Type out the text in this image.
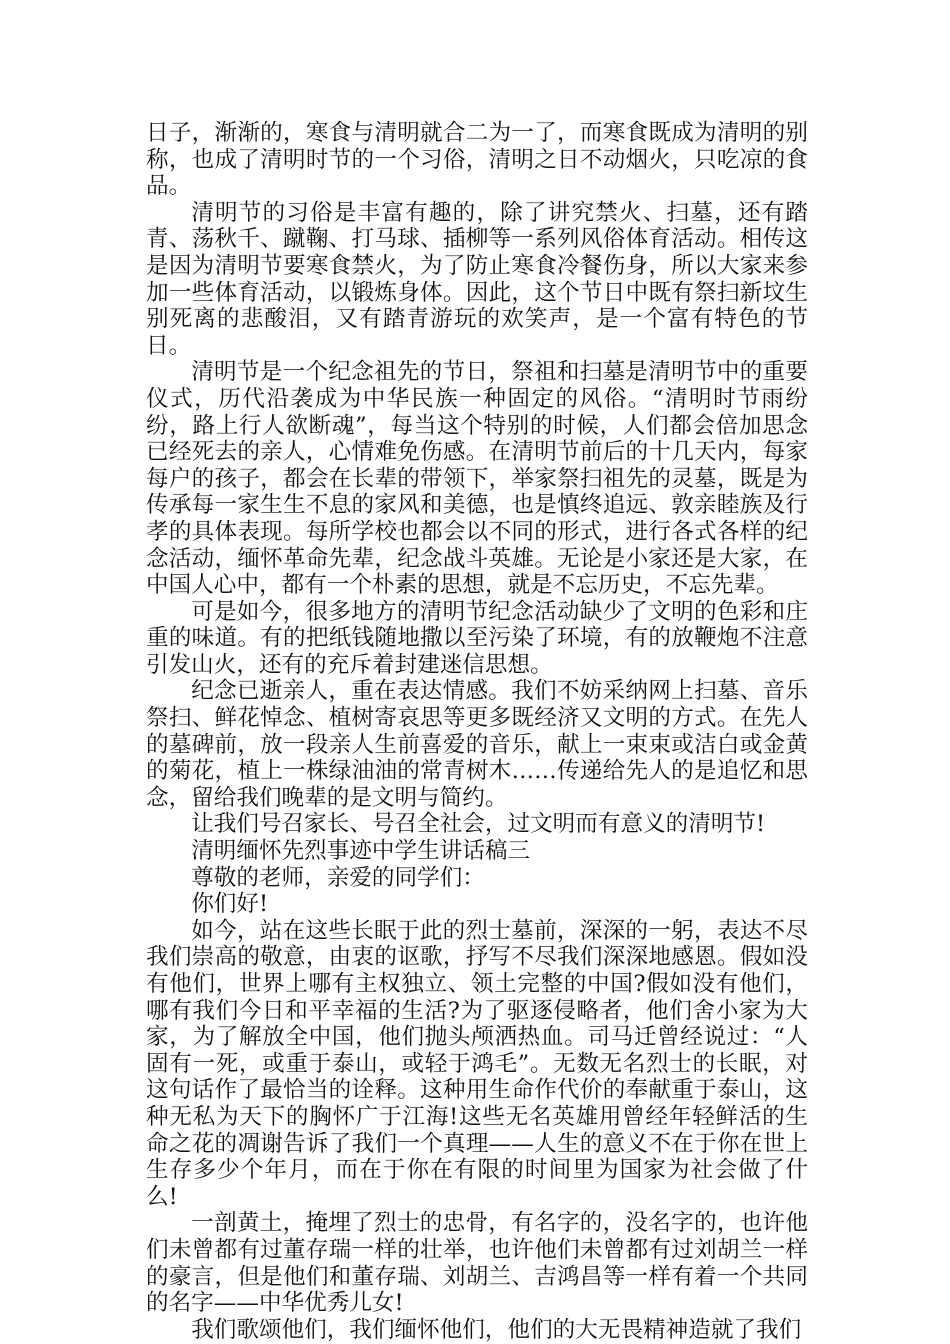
日子，渐渐的，寒食与清明就合二为一了，而寒食既成为清明的别称，也成了清明时节的一个习俗，清明之日不动烟火，只吃凉的食品。

清明节的习俗是丰富有趣的，除了讲究禁火、扫墓，还有踏青、荡秋千、蹴鞠、打马球、插柳等一系列风俗体育活动。相传这是因为清明节要寒食禁火，为了防止寒食冷餐伤身，所以大家来参加一些体育活动，以锻炼身体。因此，这个节日中既有祭扫新坟生别死离的悲酸泪，又有踏青游玩的欢笑声，是一个富有特色的节日。

清明节是一个纪念祖先的节日，祭祖和扫墓是清明节中的重要仪式，历代沿袭成为中华民族一种固定的风俗。“清明时节雨纷纷，路上行人欲断魂”，每当这个特别的时候，人们都会倍加思念已经死去的亲人，心情难免伤感。在清明节前后的十几天内，每家每户的孩子，都会在长辈的带领下，举家祭扫祖先的灵墓，既是为传承每一家生生不息的家风和美德，也是慎终追远、敦亲睦族及行孝的具体表现。每所学校也都会以不同的形式，进行各式各样的纪念活动，缅怀革命先辈，纪念战斗英雄。无论是小家还是大家，在中国人心中，都有一个朴素的思想，就是不忘历史，不忘先辈。

可是如今，很多地方的清明节纪念活动缺少了文明的色彩和庄重的味道。有的把纸钱随地撒以至污染了环境，有的放鞭炮不注意引发山火，还有的充斥着封建迷信思想。

纪念已逝亲人，重在表达情感。我们不妨采纳网上扫墓、音乐祭扫、鲜花悼念、植树寄哀思等更多既经济又文明的方式。在先人的墓碑前，放一段亲人生前喜爱的音乐，献上一束束或洁白或金黄的菊花，植上一株绿油油的常青树木……传递给先人的是追忆和思念，留给我们晚辈的是文明与简约。

让我们号召家长、号召全社会，过文明而有意义的清明节!

清明缅怀先烈事迹中学生讲话稿三

尊敬的老师，亲爱的同学们：

你们好!

如今，站在这些长眠于此的烈士墓前，深深的一躬，表达不尽我们崇高的敬意，由衷的讴歌，抒写不尽我们深深地感恩。假如没有他们，世界上哪有主权独立、领土完整的中国?假如没有他们，哪有我们今日和平幸福的生活?为了驱逐侵略者，他们舍小家为大家，为了解放全中国，他们抛头颅洒热血。司马迁曾经说过：“人固有一死，或重于泰山，或轻于鸿毛”。无数无名烈士的长眠，对这句话作了最恰当的诠释。这种用生命作代价的奉献重于泰山，这种无私为天下的胸怀广于江海!这些无名英雄用曾经年轻鲜活的生命之花的凋谢告诉了我们一个真理——人生的意义不在于你在世上生存多少个年月，而在于你在有限的时间里为国家为社会做了什么!

一剖黄土，掩埋了烈士的忠骨，有名字的，没名字的，也许他们未曾都有过董存瑞一样的壮举，也许他们未曾都有过刘胡兰一样的豪言，但是他们和董存瑞、刘胡兰、吉鸿昌等一样有着一个共同的名字——中华优秀儿女!

我们歌颂他们，我们缅怀他们，他们的大无畏精神造就了我们
